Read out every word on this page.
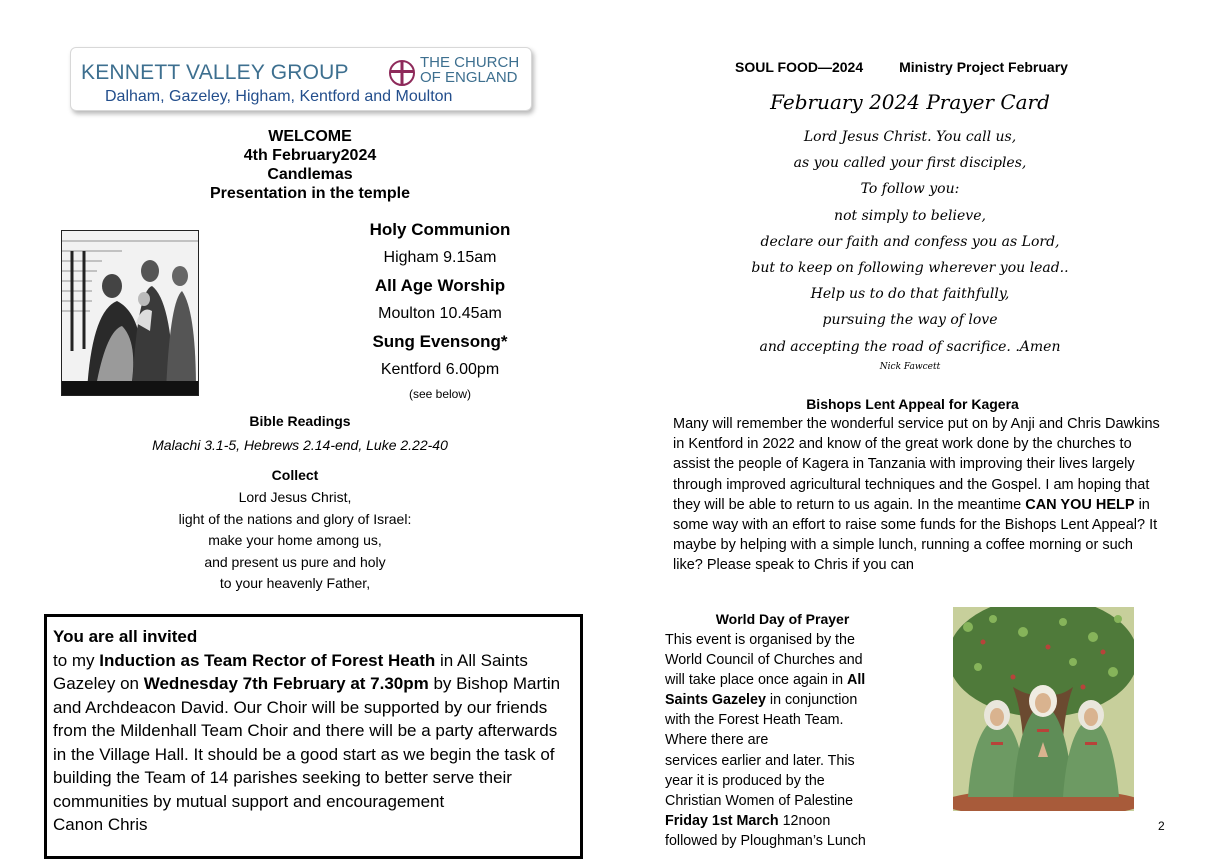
KENNETT VALLEY GROUP	THE CHURCH
OF ENGLAND
Dalham, Gazeley, Higham, Kentford and Moulton
WELCOME
4th February2024
Candlemas
Presentation in the temple
Holy Communion
Higham 9.15am
All Age Worship
Moulton 10.45am
Sung Evensong*
Kentford 6.00pm
(see below)
Bible Readings
Malachi 3.1-5, Hebrews 2.14-end, Luke 2.22-40
Collect
Lord Jesus Christ,
light of the nations and glory of Israel:
make your home among us,
and present us pure and holy
to your heavenly Father,

You are all invited

to my Induction as Team Rector of Forest Heath in All Saints Gazeley on Wednesday 7th February at 7.30pm by Bishop Martin and Archdeacon David. Our Choir will be supported by our friends from the Mildenhall Team Choir and there will be a party afterwards in the Village Hall. It should be a good start as we begin the task of building the Team of 14 parishes seeking to better serve their communities by mutual support and encouragementCanon Chris

SOUL FOOD—2024	Ministry Project February
February 2024 Prayer Card
Lord Jesus Christ. You call us,
as you called your first disciples,
To follow you:
not simply to believe,
declare our faith and confess you as Lord,
but to keep on following wherever you lead..
Help us to do that faithfully,
pursuing the way of love
and accepting the road of sacrifice. .Amen
Nick Fawcett
Bishops Lent Appeal for Kagera
Many will remember the wonderful service put on by Anji and Chris Dawkins in Kentford in 2022 and know of the great work done by the churches to assist the people of Kagera in Tanzania with improving their lives largely through improved agricultural techniques and the Gospel. I am hoping that they will be able to return to us again. In the meantime CAN YOU HELP in some way with an effort to raise some funds for the Bishops Lent Appeal? It maybe by helping with a simple lunch, running a coffee morning or such like? Please speak to Chris if you can
World Day of Prayer
This event is organised by the
World Council of Churches and
will take place once again in All
Saints Gazeley in conjunction
with the Forest Heath Team.
Where there are
services earlier and later. This
year it is produced by the
Christian Women of Palestine
Friday 1st March 12noon
followed by Ploughman’s Lunch
2
